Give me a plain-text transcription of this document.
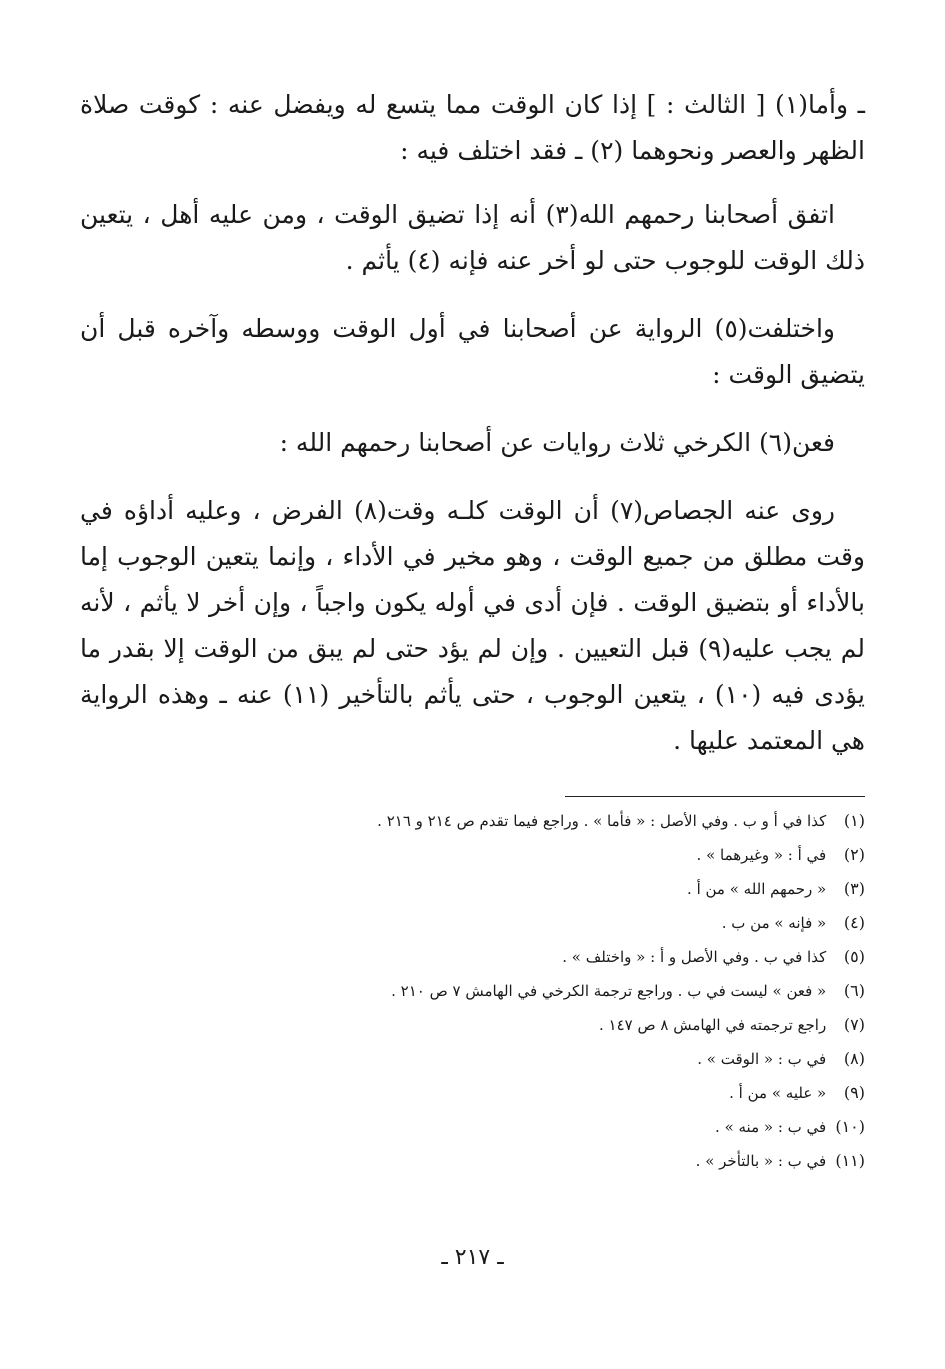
ـ وأما(١) [ الثالث : ] إذا كان الوقت مما يتسع له ويفضل عنه : كوقت صلاة الظهر والعصر ونحوهما (٢) ـ فقد اختلف فيه :

اتفق أصحابنا رحمهم الله(٣) أنه إذا تضيق الوقت ، ومن عليه أهل ، يتعين ذلك الوقت للوجوب حتى لو أخر عنه فإنه (٤) يأثم .

واختلفت(٥) الرواية عن أصحابنا في أول الوقت ووسطه وآخره قبل أن يتضيق الوقت :

فعن(٦) الكرخي ثلاث روايات عن أصحابنا رحمهم الله :

روى عنه الجصاص(٧) أن الوقت كلـه وقت(٨) الفرض ، وعليه أداؤه في وقت مطلق من جميع الوقت ، وهو مخير في الأداء ، وإنما يتعين الوجوب إما بالأداء أو بتضيق الوقت . فإن أدى في أوله يكون واجباً ، وإن أخر لا يأثم ، لأنه لم يجب عليه(٩) قبل التعيين . وإن لم يؤد حتى لم يبق من الوقت إلا بقدر ما يؤدى فيه (١٠) ، يتعين الوجوب ، حتى يأثم بالتأخير (١١) عنه ـ وهذه الرواية هي المعتمد عليها .

(١) كذا في أ و ب . وفي الأصل : « فأما » . وراجع فيما تقدم ص ٢١٤ و ٢١٦ .
(٢) في أ : « وغيرهما » .
(٣) « رحمهم الله » من أ .
(٤) « فإنه » من ب .
(٥) كذا في ب . وفي الأصل و أ : « واختلف » .
(٦) « فعن » ليست في ب . وراجع ترجمة الكرخي في الهامش ٧ ص ٢١٠ .
(٧) راجع ترجمته في الهامش ٨ ص ١٤٧ .
(٨) في ب : « الوقت » .
(٩) « عليه » من أ .
(١٠) في ب : « منه » .
(١١) في ب : « بالتأخر » .
ـ ٢١٧ ـ
